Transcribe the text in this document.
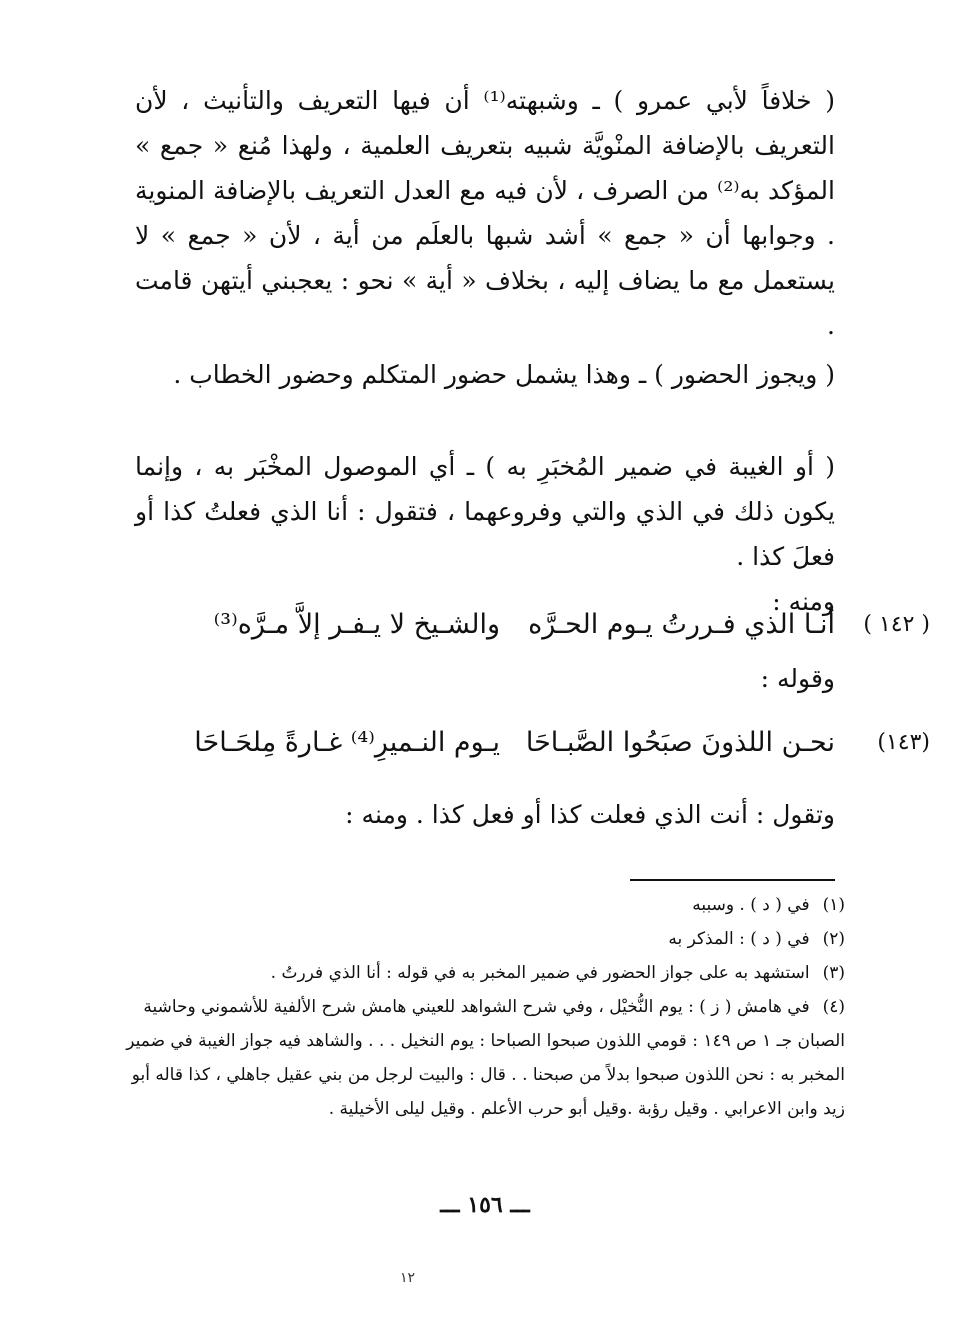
( خلافاً لأبي عمرو ) ـ وشبهته⁽¹⁾ أن فيها التعريف والتأنيث ، لأن التعريف بالإضافة المنْويَّة شبيه بتعريف العلمية ، ولهذا مُنع « جمع » المؤكد به⁽²⁾ من الصرف ، لأن فيه مع العدل التعريف بالإضافة المنوية . وجوابها أن « جمع » أشد شبها بالعلَم من أية ، لأن « جمع » لا يستعمل مع ما يضاف إليه ، بخلاف « أية » نحو : يعجبني أيتهن قامت .

( ويجوز الحضور ) ـ وهذا يشمل حضور المتكلم وحضور الخطاب .

( أو الغيبة في ضمير المُخبَرِ به ) ـ أي الموصول المخْبَر به ، وإنما يكون ذلك في الذي والتي وفروعهما ، فتقول : أنا الذي فعلتُ كذا أو فعلَ كذا .

ومنه :

( ١٤٢ )
أنـا الذي فـررتُ يـوم الحـرَّه
والشـيخ لا يـفـر إلاَّ مـرَّه⁽³⁾
وقوله :
(١٤٣)
نحـن اللذونَ صبَحُوا الصَّبـاحَا
يـوم النـميرِ⁽⁴⁾ غـارةً مِلحَـاحَا
وتقول : أنت الذي فعلت كذا أو فعل كذا . ومنه :

(١) في ( د ) . وسببه

(٢) في ( د ) : المذكر به

(٣) استشهد به على جواز الحضور في ضمير المخبر به في قوله : أنا الذي فررتُ .

(٤) في هامش ( ز ) : يوم النُّخيْل ، وفي شرح الشواهد للعيني هامش شرح الألفية للأشموني وحاشية الصبان جـ ١ ص ١٤٩ : قومي اللذون صبحوا الصباحا : يوم النخيل . . . والشاهد فيه جواز الغيبة في ضمير المخبر به : نحن اللذون صبحوا بدلاً من صبحنا . . قال : والبيت لرجل من بني عقيل جاهلي ، كذا قاله أبو زيد وابن الاعرابي . وقيل رؤبة .وقيل أبو حرب الأعلم . وقيل ليلى الأخيلية .

ـــ ١٥٦ ـــ
١٢
